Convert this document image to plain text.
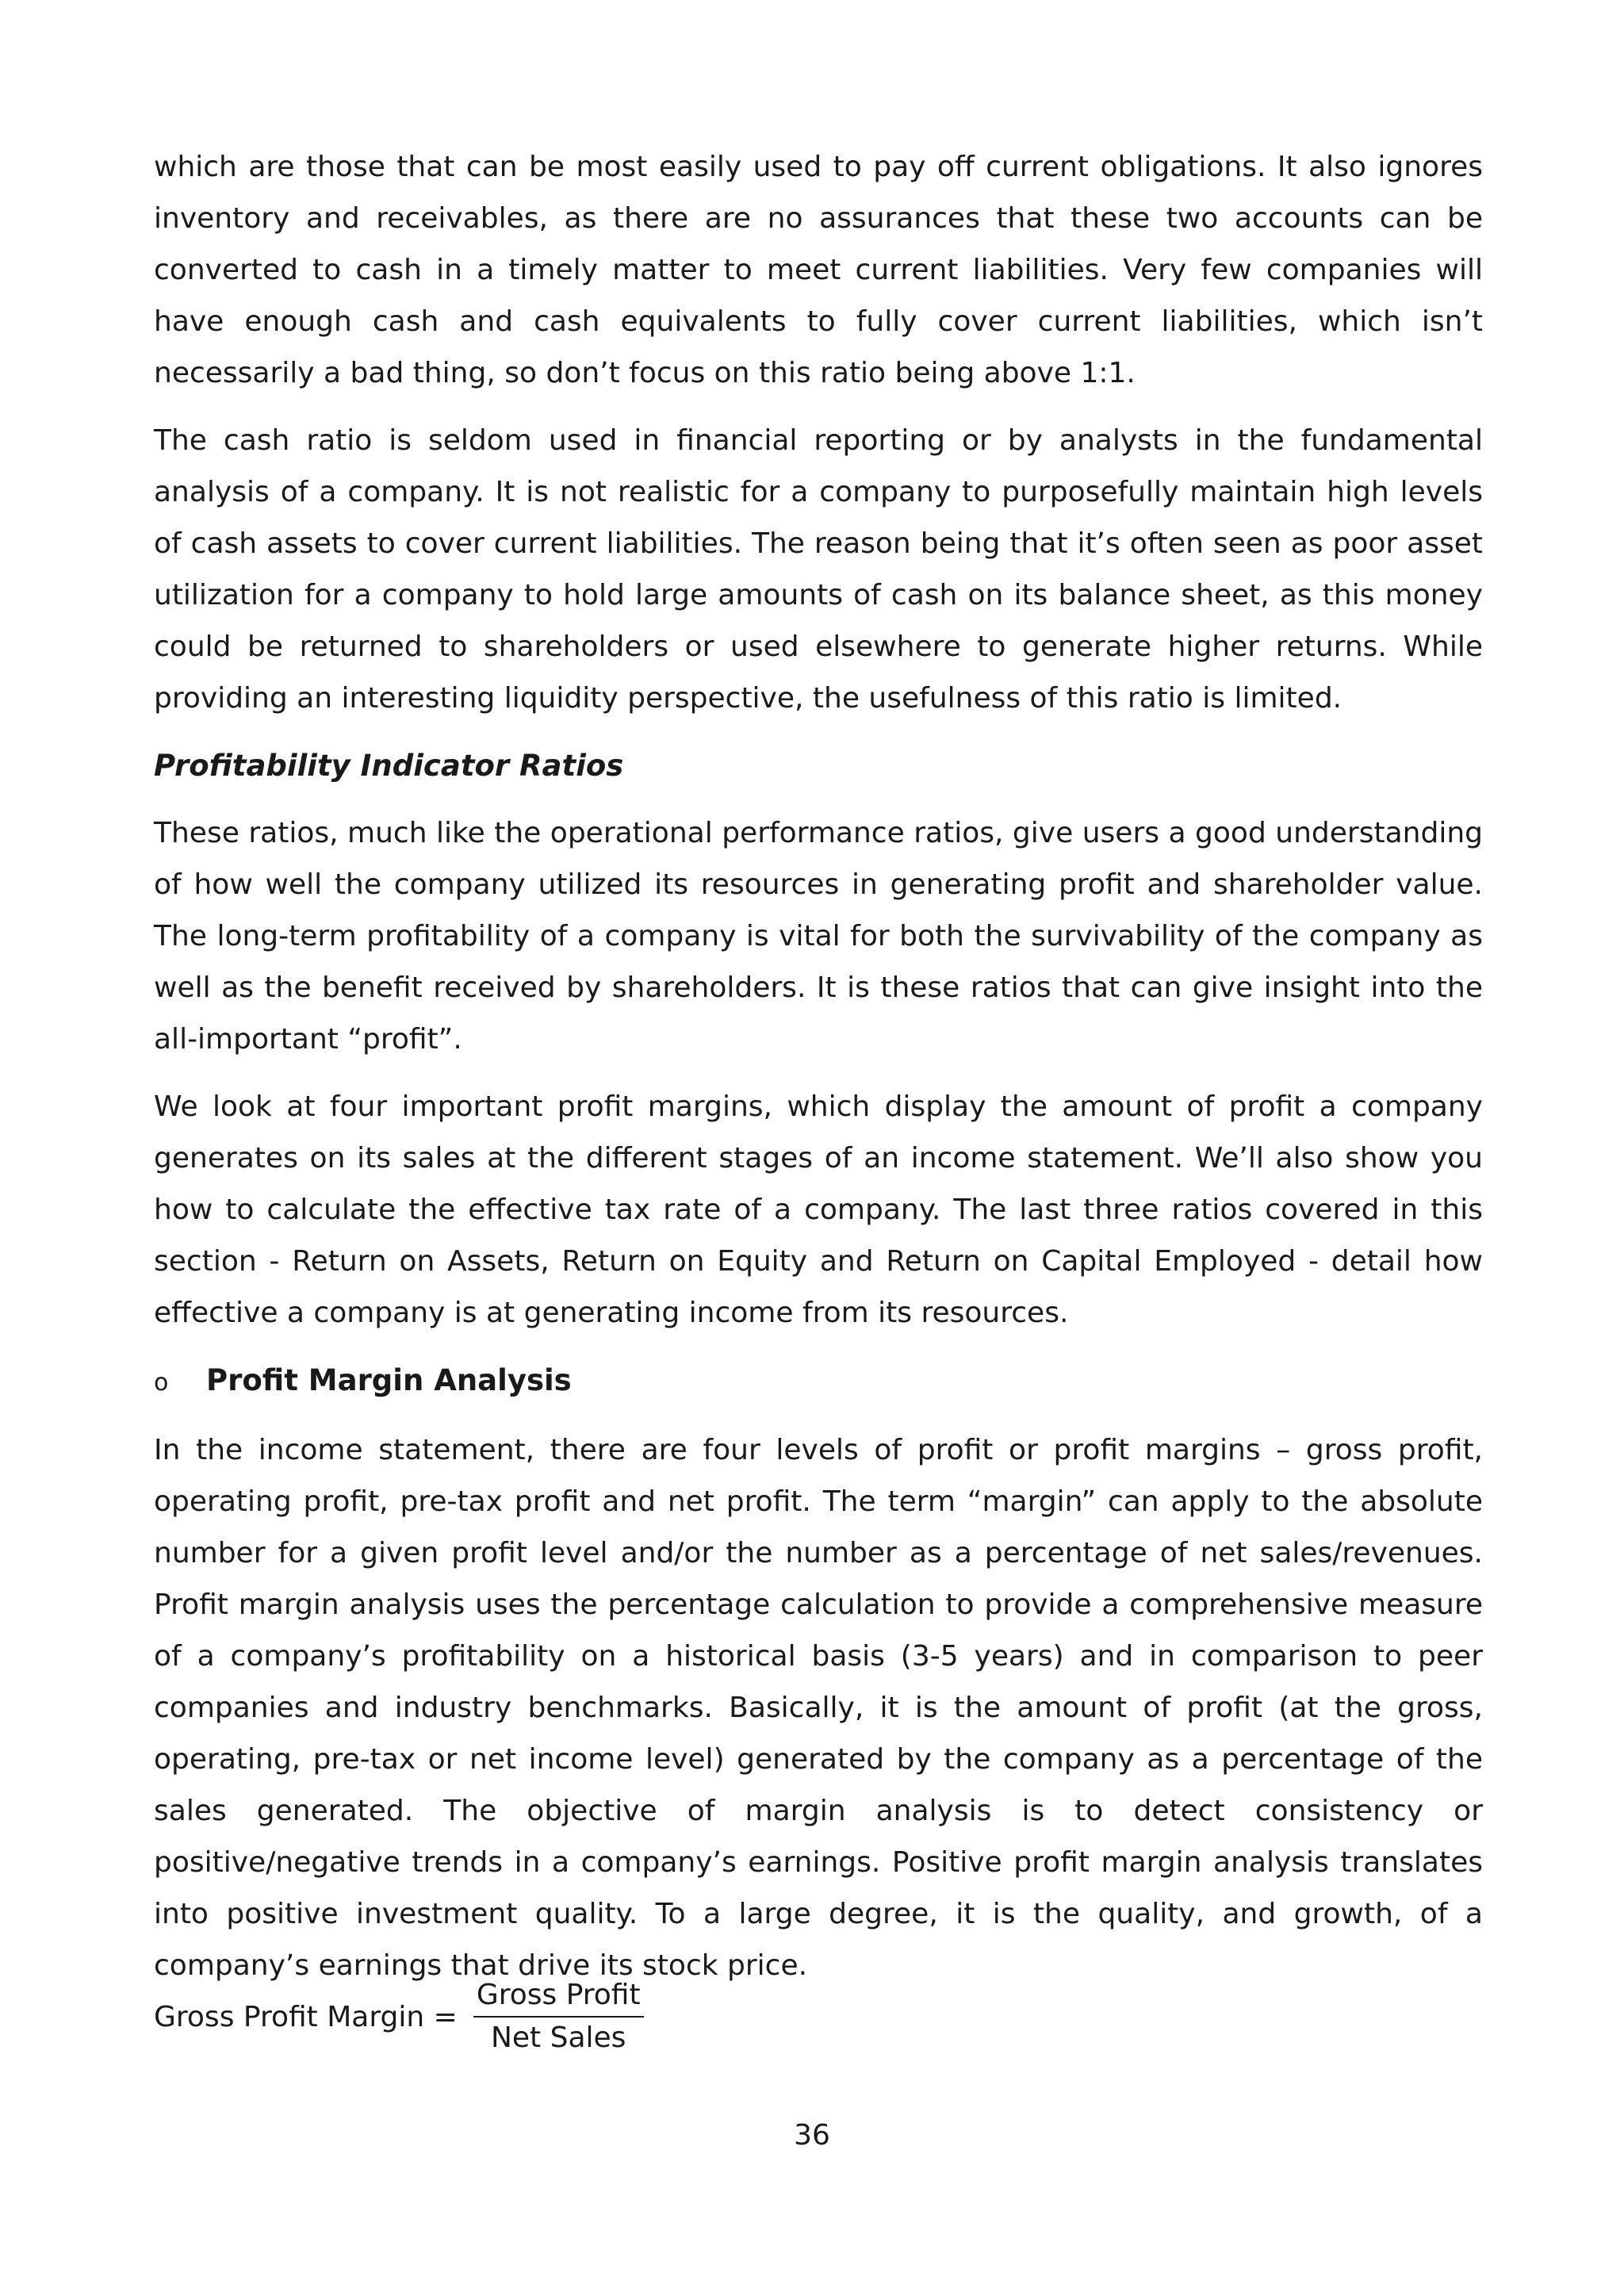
which are those that can be most easily used to pay off current obligations. It also ignores inventory and receivables, as there are no assurances that these two accounts can be converted to cash in a timely matter to meet current liabilities. Very few companies will have enough cash and cash equivalents to fully cover current liabilities, which isn’t necessarily a bad thing, so don’t focus on this ratio being above 1:1.

The cash ratio is seldom used in financial reporting or by analysts in the fundamental analysis of a company. It is not realistic for a company to purposefully maintain high levels of cash assets to cover current liabilities. The reason being that it’s often seen as poor asset utilization for a company to hold large amounts of cash on its balance sheet, as this money could be returned to shareholders or used elsewhere to generate higher returns. While providing an interesting liquidity perspective, the usefulness of this ratio is limited.

Profitability Indicator Ratios

These ratios, much like the operational performance ratios, give users a good understanding of how well the company utilized its resources in generating profit and shareholder value. The long-term profitability of a company is vital for both the survivability of the company as well as the benefit received by shareholders. It is these ratios that can give insight into the all-important “profit”.

We look at four important profit margins, which display the amount of profit a company generates on its sales at the different stages of an income statement. We’ll also show you how to calculate the effective tax rate of a company. The last three ratios covered in this section - Return on Assets, Return on Equity and Return on Capital Employed - detail how effective a company is at generating income from its resources.

o	Profit Margin Analysis

In the income statement, there are four levels of profit or profit margins – gross profit, operating profit, pre-tax profit and net profit. The term “margin” can apply to the absolute number for a given profit level and/or the number as a percentage of net sales/revenues. Profit margin analysis uses the percentage calculation to provide a comprehensive measure of a company’s profitability on a historical basis (3-5 years) and in comparison to peer companies and industry benchmarks. Basically, it is the amount of profit (at the gross, operating, pre-tax or net income level) generated by the company as a percentage of the sales generated. The objective of margin analysis is to detect consistency or positive/negative trends in a company’s earnings. Positive profit margin analysis translates into positive investment quality. To a large degree, it is the quality, and growth, of a company’s earnings that drive its stock price.

Gross Profit Margin = $\frac{\text{Gross Profit}}{\text{Net Sales}}$
36
